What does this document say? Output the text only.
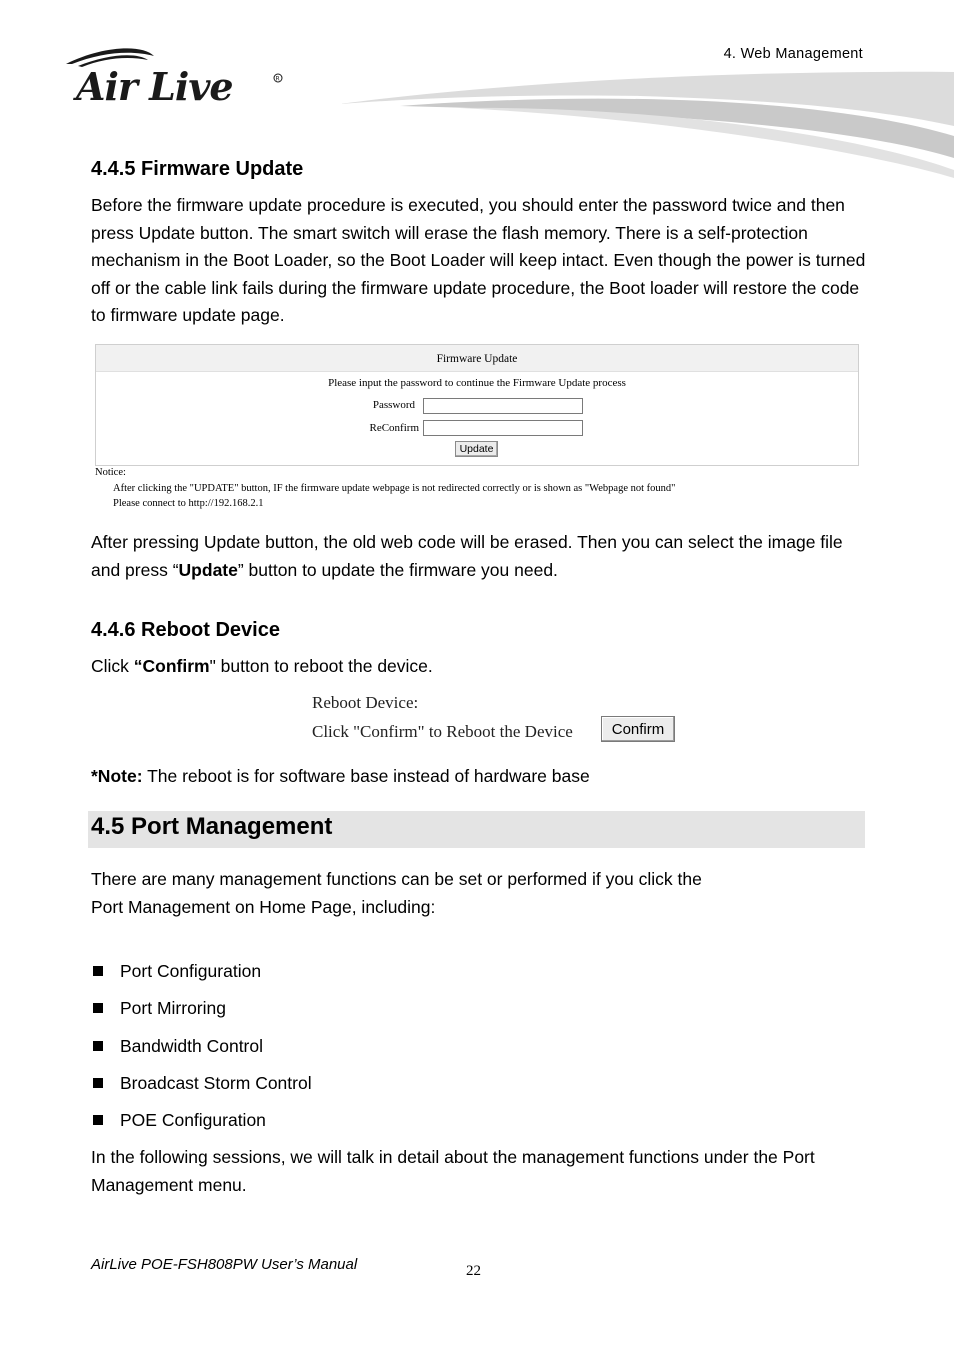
4. Web Management
Air Live	R
4.4.5 Firmware Update
Before the firmware update procedure is executed, you should enter the password twice and then press Update button. The smart switch will erase the flash memory. There is a self-protection mechanism in the Boot Loader, so the Boot Loader will keep intact. Even though the power is turned off or the cable link fails during the firmware update procedure, the Boot loader will restore the code to firmware update page.
Firmware Update
Please input the password to continue the Firmware Update process
Password
ReConfirm
Update
Notice:
After clicking the "UPDATE" button, IF the firmware update webpage is not redirected correctly or is shown as "Webpage not found"
Please connect to http://192.168.2.1
After pressing Update button, the old web code will be erased. Then you can select the image file and press “Update” button to update the firmware you need.
4.4.6 Reboot Device
Click “Confirm" button to reboot the device.
Reboot Device:
Click "Confirm" to Reboot the Device	Confirm
*Note: The reboot is for software base instead of hardware base
4.5 Port Management
There are many management functions can be set or performed if you click the
Port Management on Home Page, including:
Port Configuration
Port Mirroring
Bandwidth Control
Broadcast Storm Control
POE Configuration
In the following sessions, we will talk in detail about the management functions under the Port Management menu.
AirLive POE-FSH808PW User’s Manual	22
